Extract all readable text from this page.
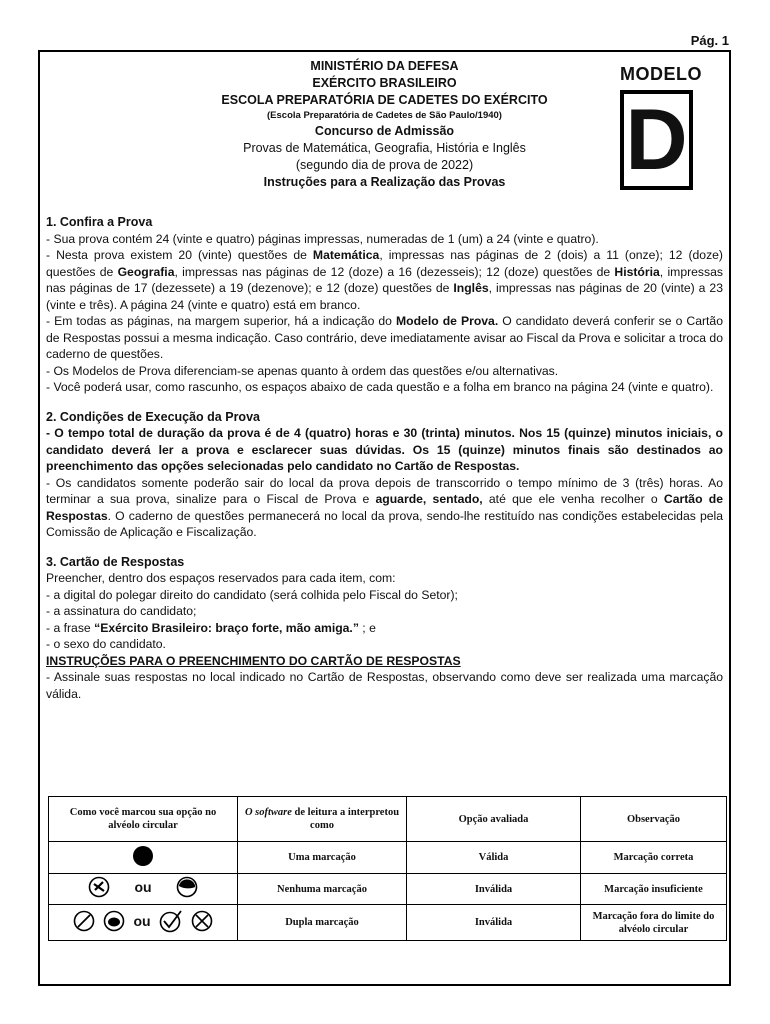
Pág. 1
MINISTÉRIO DA DEFESA
EXÉRCITO BRASILEIRO
ESCOLA PREPARATÓRIA DE CADETES DO EXÉRCITO
(Escola Preparatória de Cadetes de São Paulo/1940)
Concurso de Admissão
Provas de Matemática, Geografia, História e Inglês
(segundo dia de prova de 2022)
Instruções para a Realização das Provas
MODELO
D

1. Confira a Prova

- Sua prova contém 24 (vinte e quatro) páginas impressas, numeradas de 1 (um) a 24 (vinte e quatro).

- Nesta prova existem 20 (vinte) questões de Matemática, impressas nas páginas de 2 (dois) a 11 (onze); 12 (doze) questões de Geografia, impressas nas páginas de 12 (doze) a 16 (dezesseis); 12 (doze) questões de História, impressas nas páginas de 17 (dezessete) a 19 (dezenove); e 12 (doze) questões de Inglês, impressas nas páginas de 20 (vinte) a 23 (vinte e três). A página 24 (vinte e quatro) está em branco.

- Em todas as páginas, na margem superior, há a indicação do Modelo de Prova. O candidato deverá conferir se o Cartão de Respostas possui a mesma indicação. Caso contrário, deve imediatamente avisar ao Fiscal da Prova e solicitar a troca do caderno de questões.

- Os Modelos de Prova diferenciam-se apenas quanto à ordem das questões e/ou alternativas.

- Você poderá usar, como rascunho, os espaços abaixo de cada questão e a folha em branco na página 24 (vinte e quatro).

2. Condições de Execução da Prova

- O tempo total de duração da prova é de 4 (quatro) horas e 30 (trinta) minutos. Nos 15 (quinze) minutos iniciais, o candidato deverá ler a prova e esclarecer suas dúvidas. Os 15 (quinze) minutos finais são destinados ao preenchimento das opções selecionadas pelo candidato no Cartão de Respostas.

- Os candidatos somente poderão sair do local da prova depois de transcorrido o tempo mínimo de 3 (três) horas. Ao terminar a sua prova, sinalize para o Fiscal de Prova e aguarde, sentado, até que ele venha recolher o Cartão de Respostas. O caderno de questões permanecerá no local da prova, sendo-lhe restituído nas condições estabelecidas pela Comissão de Aplicação e Fiscalização.

3. Cartão de Respostas

Preencher, dentro dos espaços reservados para cada item, com:

- a digital do polegar direito do candidato (será colhida pelo Fiscal do Setor);

- a assinatura do candidato;

- a frase “Exército Brasileiro: braço forte, mão amiga.” ; e

- o sexo do candidato.

INSTRUÇÕES PARA O PREENCHIMENTO DO CARTÃO DE RESPOSTAS

- Assinale suas respostas no local indicado no Cartão de Respostas, observando como deve ser realizada uma marcação válida.

Como você marcou sua opção no alvéolo circular	O software de leitura a interpretou como	Opção avaliada	Observação
	Uma marcação	Válida	Marcação correta

ou	Nenhuma marcação	Inválida	Marcação insuficiente

ou	Dupla marcação	Inválida	Marcação fora do limite do alvéolo circular
